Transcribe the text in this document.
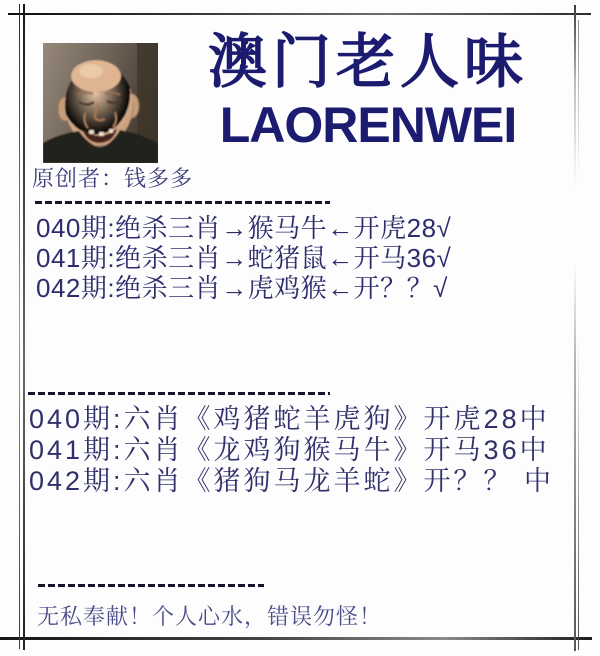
澳门老人味
LAORENWEI
原创者：钱多多

040期:绝杀三肖→猴马牛←开虎28√

041期:绝杀三肖→蛇猪鼠←开马36√

042期:绝杀三肖→虎鸡猴←开？？√

040期:六肖《鸡猪蛇羊虎狗》开虎28中

041期:六肖《龙鸡狗猴马牛》开马36中

042期:六肖《猪狗马龙羊蛇》开？？ 中

无私奉献！个人心水，错误勿怪！
